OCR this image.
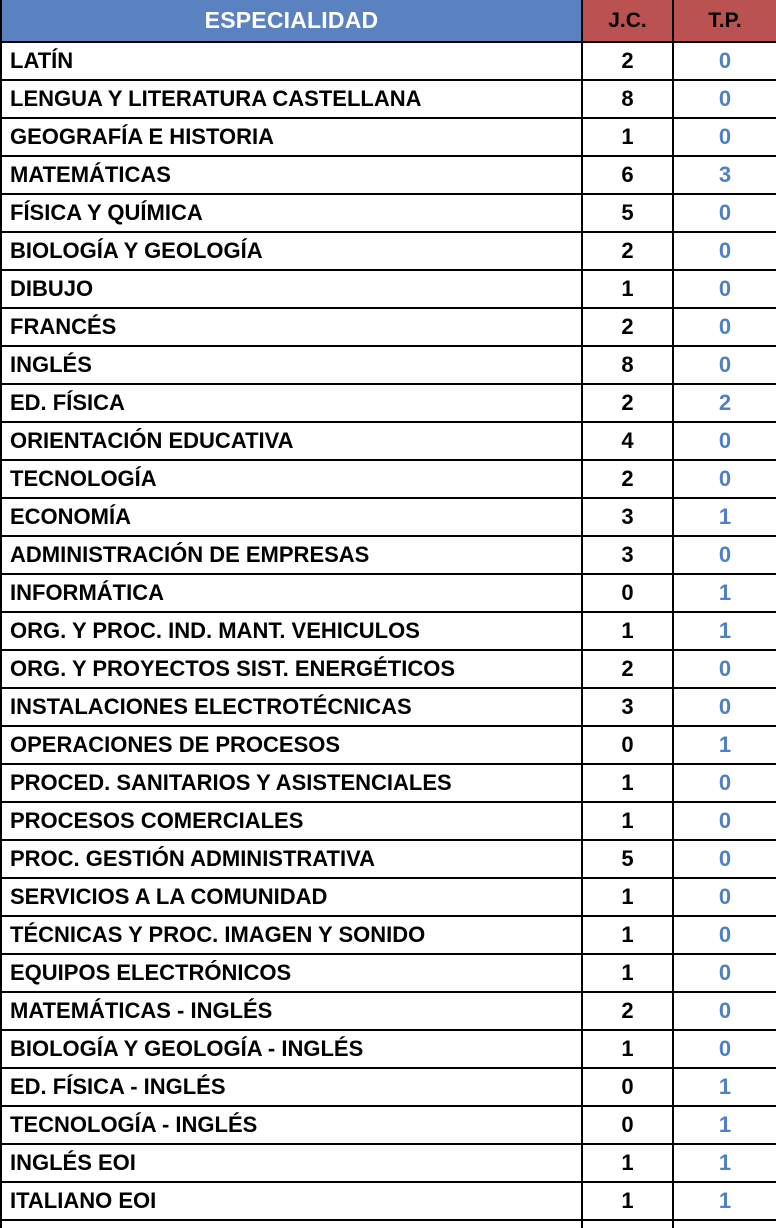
ESPECIALIDAD	J.C.	T.P.
LATÍN	2	0
LENGUA Y LITERATURA CASTELLANA	8	0
GEOGRAFÍA E HISTORIA	1	0
MATEMÁTICAS	6	3
FÍSICA Y QUÍMICA	5	0
BIOLOGÍA Y GEOLOGÍA	2	0
DIBUJO	1	0
FRANCÉS	2	0
INGLÉS	8	0
ED. FÍSICA	2	2
ORIENTACIÓN EDUCATIVA	4	0
TECNOLOGÍA	2	0
ECONOMÍA	3	1
ADMINISTRACIÓN DE EMPRESAS	3	0
INFORMÁTICA	0	1
ORG. Y PROC. IND. MANT. VEHICULOS	1	1
ORG. Y PROYECTOS SIST. ENERGÉTICOS	2	0
INSTALACIONES ELECTROTÉCNICAS	3	0
OPERACIONES DE PROCESOS	0	1
PROCED. SANITARIOS Y ASISTENCIALES	1	0
PROCESOS COMERCIALES	1	0
PROC. GESTIÓN ADMINISTRATIVA	5	0
SERVICIOS A LA COMUNIDAD	1	0
TÉCNICAS Y PROC. IMAGEN Y SONIDO	1	0
EQUIPOS ELECTRÓNICOS	1	0
MATEMÁTICAS - INGLÉS	2	0
BIOLOGÍA Y GEOLOGÍA - INGLÉS	1	0
ED. FÍSICA - INGLÉS	0	1
TECNOLOGÍA - INGLÉS	0	1
INGLÉS EOI	1	1
ITALIANO EOI	1	1
